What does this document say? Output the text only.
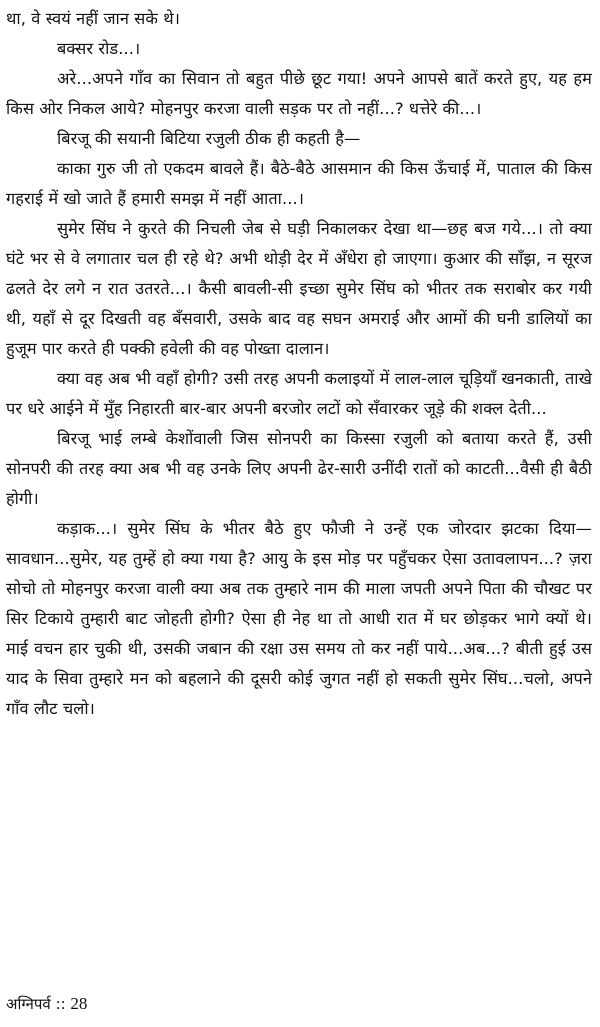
था, वे स्वयं नहीं जान सके थे।

बक्सर रोड...।

अरे...अपने गाँव का सिवान तो बहुत पीछे छूट गया! अपने आपसे बातें करते हुए, यह हम किस ओर निकल आये? मोहनपुर करजा वाली सड़क पर तो नहीं...? धत्तेरे की...।

बिरजू की सयानी बिटिया रजुली ठीक ही कहती है—

काका गुरु जी तो एकदम बावले हैं। बैठे-बैठे आसमान की किस ऊँचाई में, पाताल की किस गहराई में खो जाते हैं हमारी समझ में नहीं आता...।

सुमेर सिंघ ने कुरते की निचली जेब से घड़ी निकालकर देखा था—छह बज गये...। तो क्या घंटे भर से वे लगातार चल ही रहे थे? अभी थोड़ी देर में अँधेरा हो जाएगा। कुआर की साँझ, न सूरज ढलते देर लगे न रात उतरते...। कैसी बावली-सी इच्छा सुमेर सिंघ को भीतर तक सराबोर कर गयी थी, यहाँ से दूर दिखती वह बँसवारी, उसके बाद वह सघन अमराई और आमों की घनी डालियों का हुजूम पार करते ही पक्की हवेली की वह पोख्ता दालान।

क्या वह अब भी वहाँ होगी? उसी तरह अपनी कलाइयों में लाल-लाल चूड़ियाँ खनकाती, ताखे पर धरे आईने में मुँह निहारती बार-बार अपनी बरजोर लटों को सँवारकर जूड़े की शक्ल देती...

बिरजू भाई लम्बे केशोंवाली जिस सोनपरी का किस्सा रजुली को बताया करते हैं, उसी सोनपरी की तरह क्या अब भी वह उनके लिए अपनी ढेर-सारी उनींदी रातों को काटती...वैसी ही बैठी होगी।

कड़ाक...। सुमेर सिंघ के भीतर बैठे हुए फौजी ने उन्हें एक जोरदार झटका दिया—सावधान...सुमेर, यह तुम्हें हो क्या गया है? आयु के इस मोड़ पर पहुँचकर ऐसा उतावलापन...? ज़रा सोचो तो मोहनपुर करजा वाली क्या अब तक तुम्हारे नाम की माला जपती अपने पिता की चौखट पर सिर टिकाये तुम्हारी बाट जोहती होगी? ऐसा ही नेह था तो आधी रात में घर छोड़कर भागे क्यों थे। माई वचन हार चुकी थी, उसकी जबान की रक्षा उस समय तो कर नहीं पाये...अब...? बीती हुई उस याद के सिवा तुम्हारे मन को बहलाने की दूसरी कोई जुगत नहीं हो सकती सुमेर सिंघ...चलो, अपने गाँव लौट चलो।

अग्निपर्व :: 28
